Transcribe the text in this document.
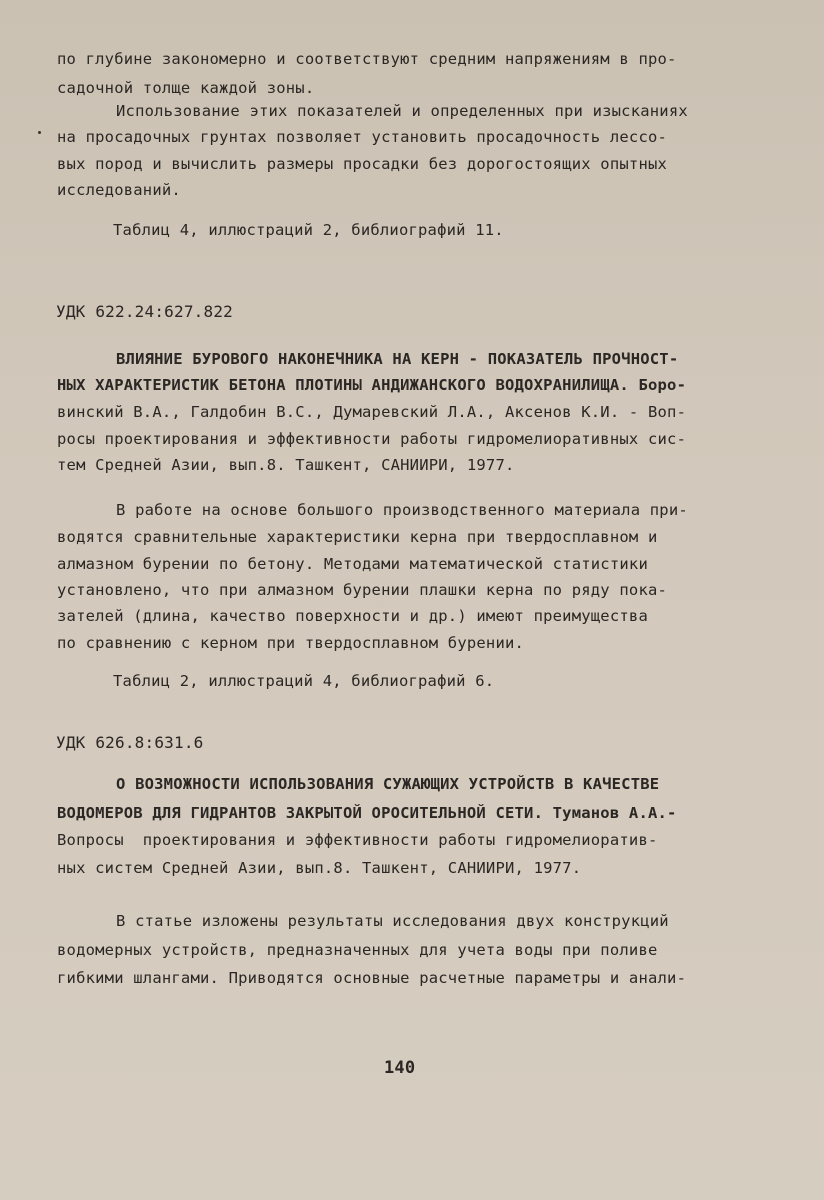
по глубине закономерно и соответствуют средним напряжениям в про-
садочной толще каждой зоны.
Использование этих показателей и определенных при изысканиях
на просадочных грунтах позволяет установить просадочность лессо-
вых пород и вычислить размеры просадки без дорогостоящих опытных
исследований.
Таблиц 4, иллюстраций 2, библиографий 11.
УДК 622.24:627.822
ВЛИЯНИЕ БУРОВОГО НАКОНЕЧНИКА НА КЕРН - ПОКАЗАТЕЛЬ ПРОЧНОСТ-
НЫХ ХАРАКТЕРИСТИК БЕТОНА ПЛОТИНЫ АНДИЖАНСКОГО ВОДОХРАНИЛИЩА. Боро-
винский В.А., Галдобин В.С., Думаревский Л.А., Аксенов К.И. - Воп-
росы проектирования и эффективности работы гидромелиоративных сис-
тем Средней Азии, вып.8. Ташкент, САНИИРИ, 1977.
В работе на основе большого производственного материала при-
водятся сравнительные характеристики керна при твердосплавном и
алмазном бурении по бетону. Методами математической статистики
установлено, что при алмазном бурении плашки керна по ряду пока-
зателей (длина, качество поверхности и др.) имеют преимущества
по сравнению с керном при твердосплавном бурении.
Таблиц 2, иллюстраций 4, библиографий 6.
УДК 626.8:631.6
О ВОЗМОЖНОСТИ ИСПОЛЬЗОВАНИЯ СУЖАЮЩИХ УСТРОЙСТВ В КАЧЕСТВЕ
ВОДОМЕРОВ ДЛЯ ГИДРАНТОВ ЗАКРЫТОЙ ОРОСИТЕЛЬНОЙ СЕТИ. Туманов А.А.-
Вопросы  проектирования и эффективности работы гидромелиоратив-
ных систем Средней Азии, вып.8. Ташкент, САНИИРИ, 1977.
В статье изложены результаты исследования двух конструкций
водомерных устройств, предназначенных для учета воды при поливе
гибкими шлангами. Приводятся основные расчетные параметры и анали-
140
